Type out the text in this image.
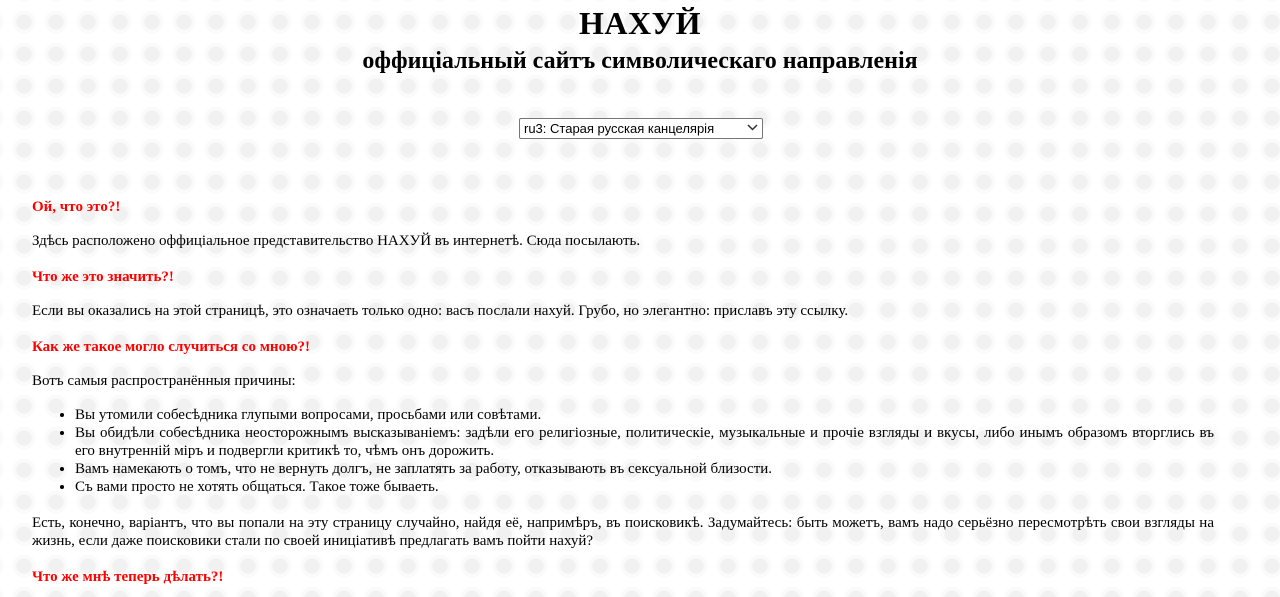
НАХУЙ
оффиціальный сайтъ символическаго направленія
ru3: Старая русская канцелярія

Ой, что это?!

Здѣсь расположено оффиціальное представительство НАХУЙ въ интернетѣ. Сюда посылають.

Что же это значить?!

Если вы оказались на этой страницѣ, это означаеть только одно: васъ послали нахуй. Грубо, но элегантно: приславъ эту ссылку.

Как же такое могло случиться со мною?!

Вотъ самыя распространённыя причины:

• Вы утомили собесѣдника глупыми вопросами, просьбами или совѣтами.
• Вы обидѣли собесѣдника неосторожнымъ высказываніемъ: задѣли его религіозные, политическіе, музыкальные и прочіе взгляды и вкусы, либо инымъ образомъ вторглись въ его внутренній міръ и подвергли критикѣ то, чѣмъ онъ дорожить.
• Вамъ намекають о томъ, что не вернуть долгъ, не заплатять за работу, отказывають въ сексуальной близости.
• Съ вами просто не хотять общаться. Такое тоже бываеть.

Есть, конечно, варіантъ, что вы попали на эту страницу случайно, найдя её, напримѣръ, въ поисковикѣ. Задумайтесь: быть можетъ, вамъ надо серьёзно пересмотрѣть свои взгляды на жизнь, если даже поисковики стали по своей иниціативѣ предлагать вамъ пойти нахуй?

Что же мнѣ теперь дѣлать?!
